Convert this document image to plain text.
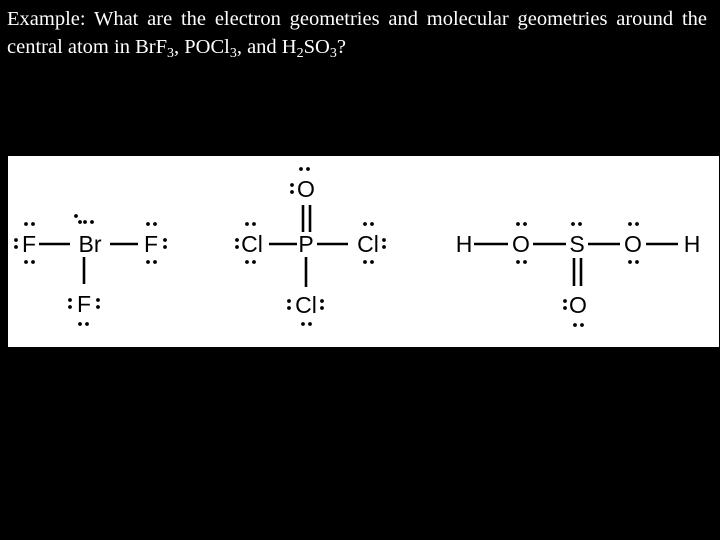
Example: What are the electron geometries and molecular geometries around the central atom in BrF$_3$, POCl$_3$, and $H_2SO_3$?

F Br F
F
O
Cl P Cl
Cl
H O S O H
O
